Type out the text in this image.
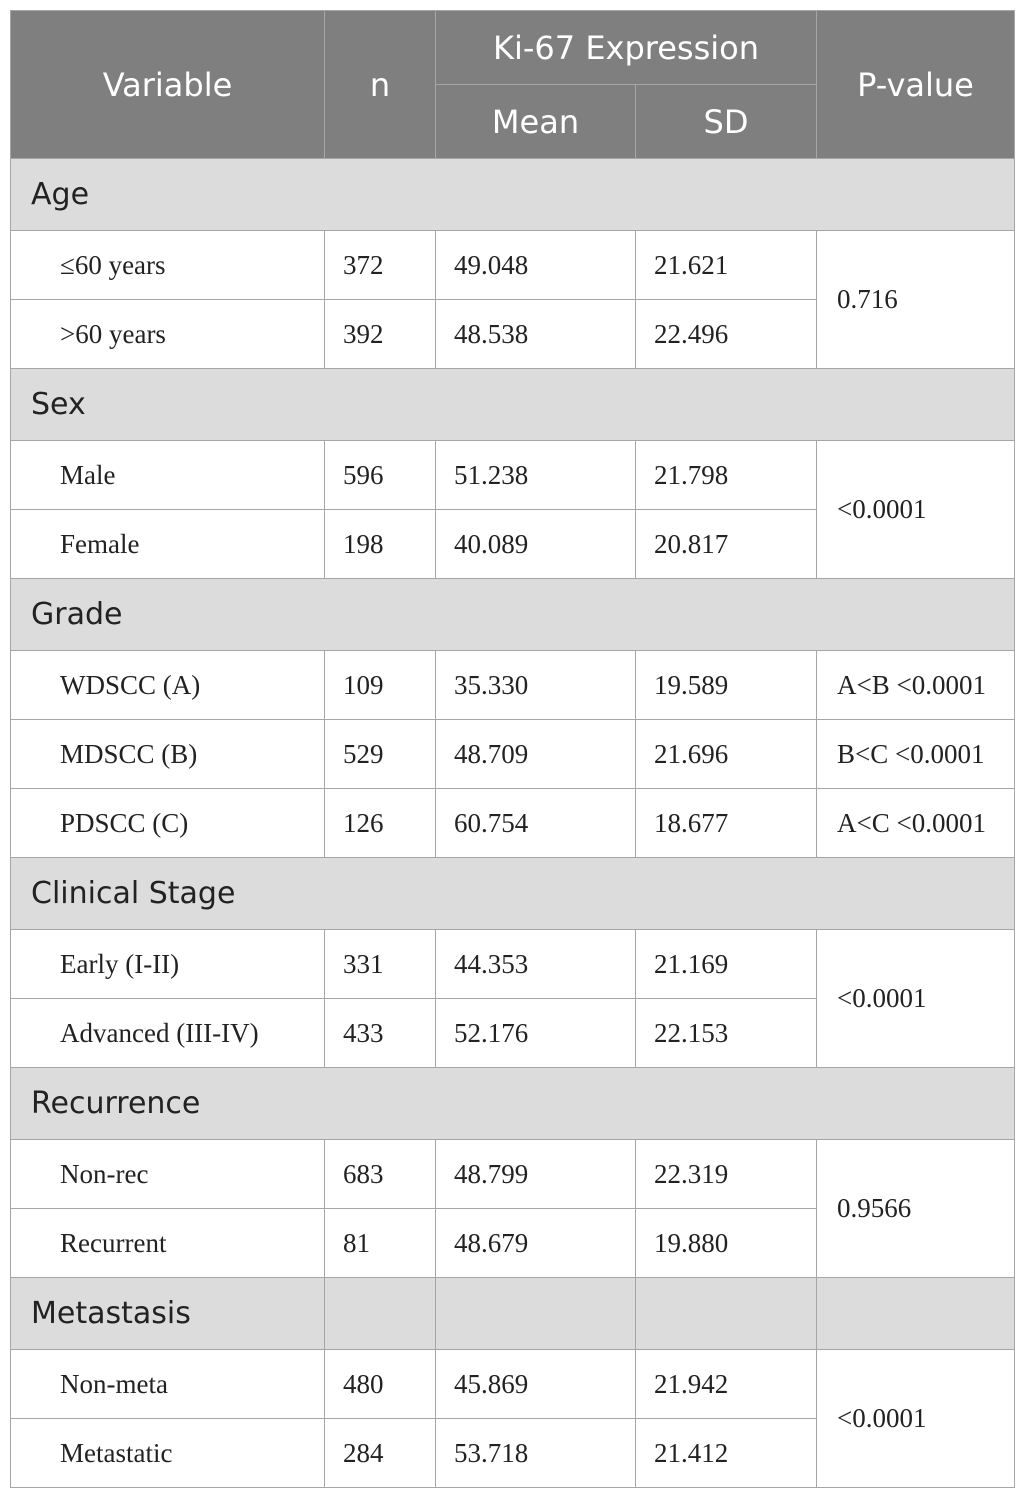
Variable	n	Ki-67 Expression		P-value
		Mean	SD	
Age				
≤60 years	372	49.048	21.621	0.716
>60 years	392	48.538	22.496	
Sex				
Male	596	51.238	21.798	<0.0001
Female	198	40.089	20.817	
Grade				
WDSCC (A)	109	35.330	19.589	A<B <0.0001
MDSCC (B)	529	48.709	21.696	B<C <0.0001
PDSCC (C)	126	60.754	18.677	A<C <0.0001
Clinical Stage				
Early (I-II)	331	44.353	21.169	<0.0001
Advanced (III-IV)	433	52.176	22.153	
Recurrence				
Non-rec	683	48.799	22.319	0.9566
Recurrent	81	48.679	19.880	
Metastasis				
Non-meta	480	45.869	21.942	<0.0001
Metastatic	284	53.718	21.412	
